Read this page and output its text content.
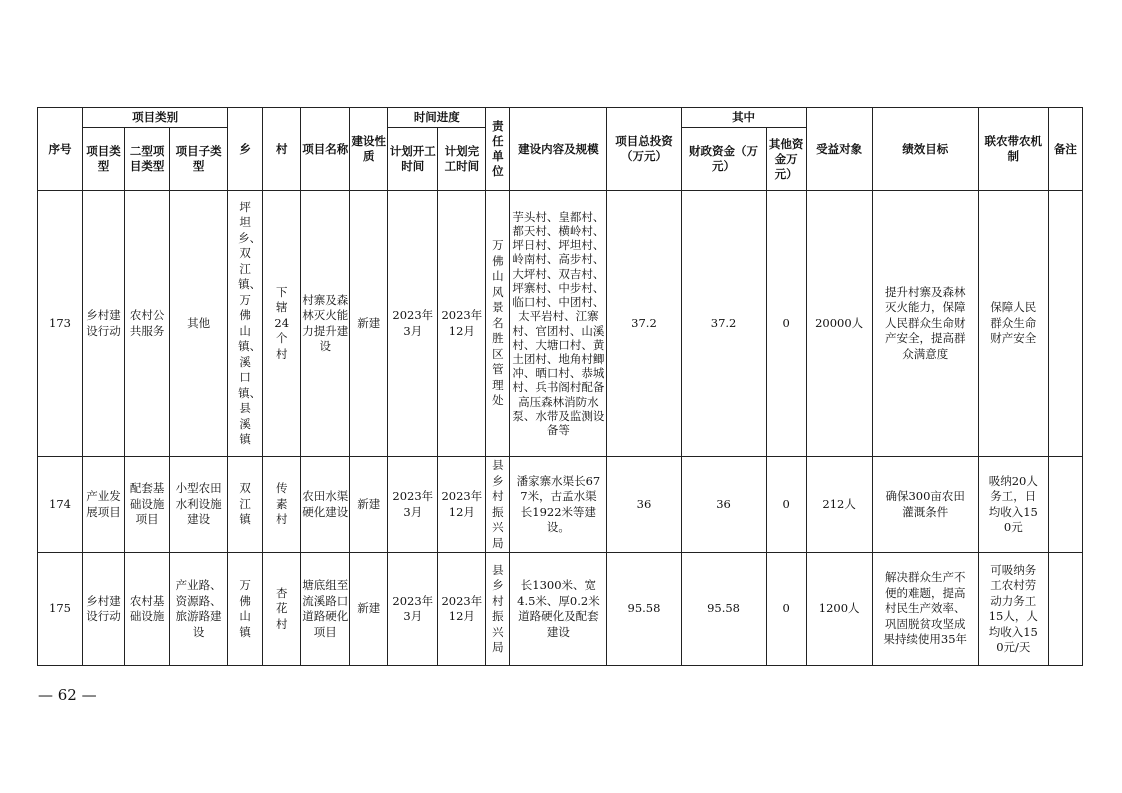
序号	项目类别			乡	村	项目名称	建设性质	时间进度		责任单位	建设内容及规模	项目总投资（万元）	其中		受益对象	绩效目标	联农带农机制	备注
	项目类型	二型项目类型	项目子类型					计划开工时间	计划完工时间				财政资金（万元）	其他资金万元）				
173	乡村建设行动	农村公共服务	其他	坪坦乡、双江镇、万佛山镇、溪口镇、县溪镇	下辖24个村	村寨及森林灭火能力提升建设	新建	2023年3月	2023年12月	万佛山风景名胜区管理处	芋头村、皇都村、都天村、横岭村、坪日村、坪坦村、岭南村、高步村、大坪村、双吉村、坪寨村、中步村、临口村、中团村、太平岩村、江寨村、官团村、山溪村、大塘口村、黄土团村、地角村鲫冲、晒口村、恭城村、兵书阁村配备高压森林消防水泵、水带及监测设备等	37.2	37.2	0	20000人	提升村寨及森林灭火能力，保障人民群众生命财产安全，提高群众满意度	保障人民群众生命财产安全	
174	产业发展项目	配套基础设施项目	小型农田水利设施建设	双江镇	传素村	农田水渠硬化建设	新建	2023年3月	2023年12月	县乡村振兴局	潘家寨水渠长677米，古孟水渠长1922米等建设。	36	36	0	212人	确保300亩农田灌溉条件	吸纳20人务工，日均收入150元	
175	乡村建设行动	农村基础设施	产业路、资源路、旅游路建设	万佛山镇	杏花村	塘底组至流溪路口道路硬化项目	新建	2023年3月	2023年12月	县乡村振兴局	长1300米、宽4.5米、厚0.2米道路硬化及配套建设	95.58	95.58	0	1200人	解决群众生产不便的难题，提高村民生产效率、巩固脱贫攻坚成果持续使用35年	可吸纳务工农村劳动力务工15人，人均收入150元/天	
— 62 —
